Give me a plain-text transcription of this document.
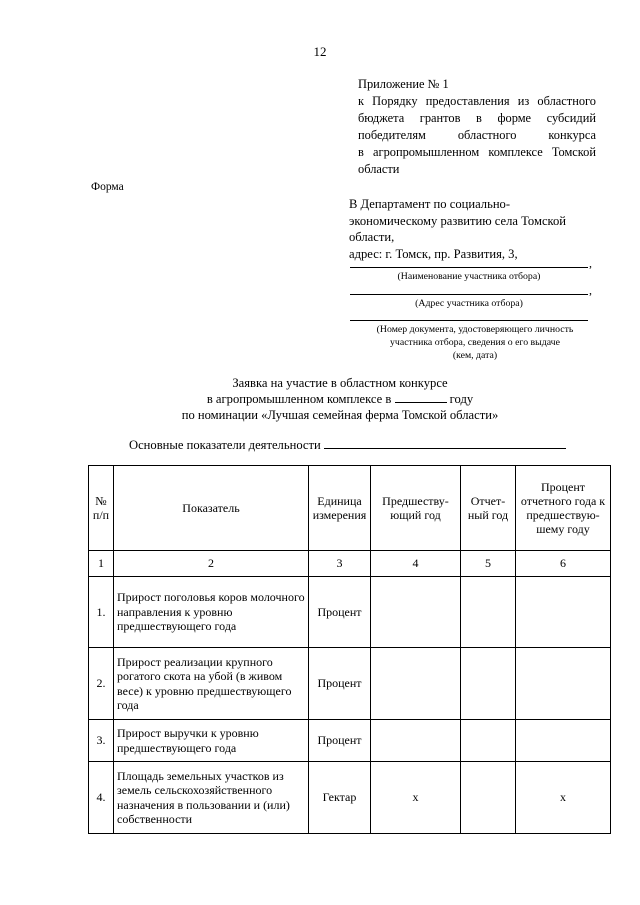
12
Приложение № 1
к Порядку предоставления из областного
бюджета грантов в форме субсидий
победителям областного конкурса
в агропромышленном комплексе Томской
области
Форма
В Департамент по социально-
экономическому развитию села Томской
области,
адрес: г. Томск, пр. Развития, 3,
,
(Наименование участника отбора)
,
(Адрес участника отбора)
(Номер документа, удостоверяющего личность
участника отбора, сведения о его выдаче
(кем, дата)
Заявка на участие в областном конкурсе
в агропромышленном комплексе в	году
по номинации «Лучшая семейная ферма Томской области»
Основные показатели деятельности
№ п/п	Показатель	Единица измерения	Предшеству-ющий год	Отчет-ный год	Процент отчетного года к предшествую-шему году
1	2	3	4	5	6
1.	Прирост поголовья коров молочного направления к уровню предшествующего года	Процент			
2.	Прирост реализации крупного рогатого скота на убой (в живом весе) к уровню предшествующего года	Процент			
3.	Прирост выручки к уровню предшествующего года	Процент			
4.	Площадь земельных участков из земель сельскохозяйственного назначения в пользовании и (или) собственности	Гектар	х		х
